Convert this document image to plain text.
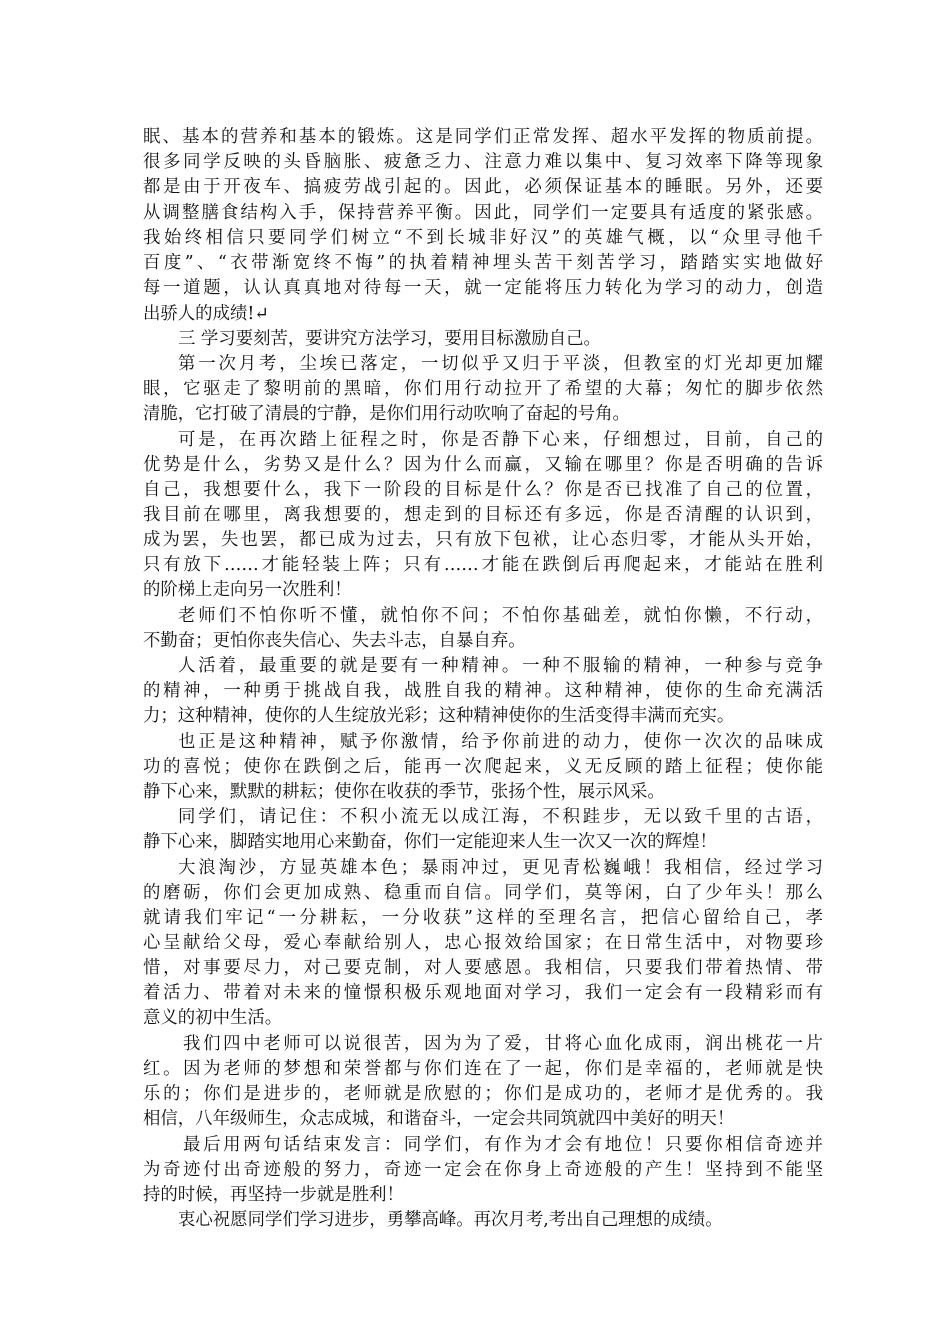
眠、基本的营养和基本的锻炼。这是同学们正常发挥、超水平发挥的物质前提。
很多同学反映的头昏脑胀、疲惫乏力、注意力难以集中、复习效率下降等现象
都是由于开夜车、搞疲劳战引起的。因此，必须保证基本的睡眠。另外，还要
从调整膳食结构入手，保持营养平衡。因此，同学们一定要具有适度的紧张感。
我始终相信只要同学们树立“不到长城非好汉”的英雄气概，以“众里寻他千
百度”、“衣带渐宽终不悔”的执着精神埋头苦干刻苦学习，踏踏实实地做好
每一道题，认认真真地对待每一天，就一定能将压力转化为学习的动力，创造
出骄人的成绩!↵
三 学习要刻苦，要讲究方法学习，要用目标激励自己。
第一次月考，尘埃已落定，一切似乎又归于平淡，但教室的灯光却更加耀
眼，它驱走了黎明前的黑暗，你们用行动拉开了希望的大幕；匆忙的脚步依然
清脆，它打破了清晨的宁静，是你们用行动吹响了奋起的号角。
可是，在再次踏上征程之时，你是否静下心来，仔细想过，目前，自己的
优势是什么，劣势又是什么？因为什么而赢，又输在哪里？你是否明确的告诉
自己，我想要什么，我下一阶段的目标是什么？你是否已找准了自己的位置，
我目前在哪里，离我想要的，想走到的目标还有多远，你是否清醒的认识到，
成为罢，失也罢，都已成为过去，只有放下包袱，让心态归零，才能从头开始，
只有放下……才能轻装上阵；只有……才能在跌倒后再爬起来，才能站在胜利
的阶梯上走向另一次胜利！
老师们不怕你听不懂，就怕你不问；不怕你基础差，就怕你懒，不行动，
不勤奋；更怕你丧失信心、失去斗志，自暴自弃。
人活着，最重要的就是要有一种精神。一种不服输的精神，一种参与竞争
的精神，一种勇于挑战自我，战胜自我的精神。这种精神，使你的生命充满活
力；这种精神，使你的人生绽放光彩；这种精神使你的生活变得丰满而充实。
也正是这种精神，赋予你激情，给予你前进的动力，使你一次次的品味成
功的喜悦；使你在跌倒之后，能再一次爬起来，义无反顾的踏上征程；使你能
静下心来，默默的耕耘；使你在收获的季节，张扬个性，展示风采。
同学们，请记住：不积小流无以成江海，不积跬步，无以致千里的古语，
静下心来，脚踏实地用心来勤奋，你们一定能迎来人生一次又一次的辉煌！
大浪淘沙，方显英雄本色；暴雨冲过，更见青松巍峨！我相信，经过学习
的磨砺，你们会更加成熟、稳重而自信。同学们，莫等闲，白了少年头！那么
就请我们牢记“一分耕耘，一分收获”这样的至理名言，把信心留给自己，孝
心呈献给父母，爱心奉献给别人，忠心报效给国家；在日常生活中，对物要珍
惜，对事要尽力，对己要克制，对人要感恩。我相信，只要我们带着热情、带
着活力、带着对未来的憧憬积极乐观地面对学习，我们一定会有一段精彩而有
意义的初中生活。
我们四中老师可以说很苦，因为为了爱，甘将心血化成雨，润出桃花一片
红。因为老师的梦想和荣誉都与你们连在了一起，你们是幸福的，老师就是快
乐的；你们是进步的，老师就是欣慰的；你们是成功的，老师才是优秀的。我
相信，八年级师生，众志成城，和谐奋斗，一定会共同筑就四中美好的明天！
最后用两句话结束发言：同学们，有作为才会有地位！只要你相信奇迹并
为奇迹付出奇迹般的努力，奇迹一定会在你身上奇迹般的产生！坚持到不能坚
持的时候，再坚持一步就是胜利！
衷心祝愿同学们学习进步，勇攀高峰。再次月考,考出自己理想的成绩。
